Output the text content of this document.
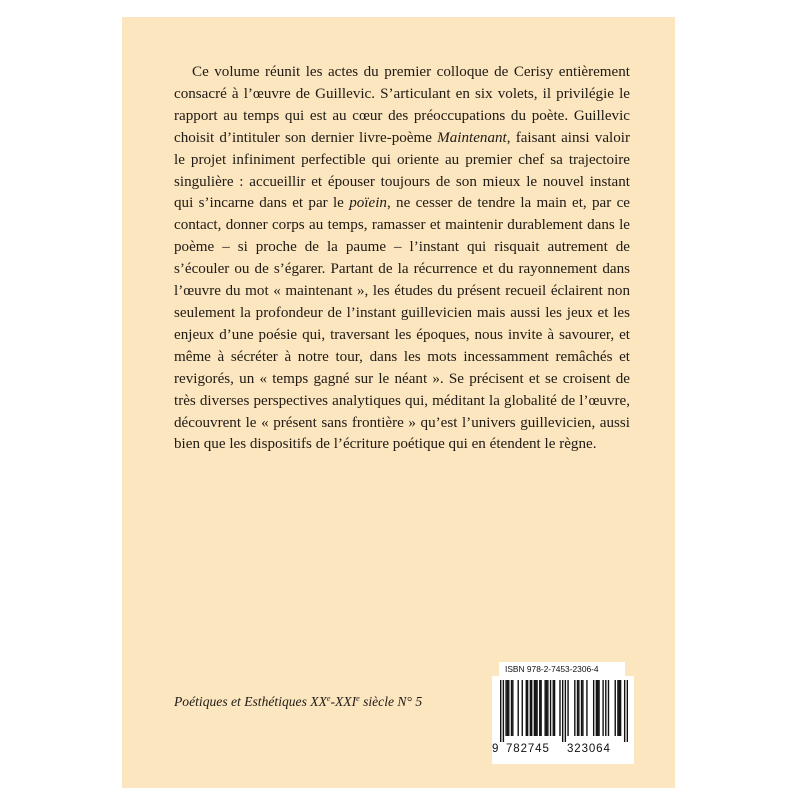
Ce volume réunit les actes du premier colloque de Cerisy entièrement consacré à l’œuvre de Guillevic. S’articulant en six volets, il privilégie le rapport au temps qui est au cœur des préoccupations du poète. Guillevic choisit d’intituler son dernier livre-poème Maintenant, faisant ainsi valoir le projet infiniment perfectible qui oriente au premier chef sa trajectoire singulière : accueillir et épouser toujours de son mieux le nouvel instant qui s’incarne dans et par le poïein, ne cesser de tendre la main et, par ce contact, donner corps au temps, ramasser et maintenir durablement dans le poème – si proche de la paume – l’instant qui risquait autrement de s’écouler ou de s’égarer. Partant de la récurrence et du rayonnement dans l’œuvre du mot « maintenant », les études du présent recueil éclairent non seulement la profondeur de l’instant guillevicien mais aussi les jeux et les enjeux d’une poésie qui, traversant les époques, nous invite à savourer, et même à sécréter à notre tour, dans les mots incessamment remâchés et revigorés, un « temps gagné sur le néant ». Se précisent et se croisent de très diverses perspectives analytiques qui, méditant la globalité de l’œuvre, découvrent le « présent sans frontière » qu’est l’univers guillevicien, aussi bien que les dispositifs de l’écriture poétique qui en étendent le règne.

Poétiques et Esthétiques XXe-XXIe siècle N° 5
ISBN 978-2-7453-2306-4
9 782745 323064
